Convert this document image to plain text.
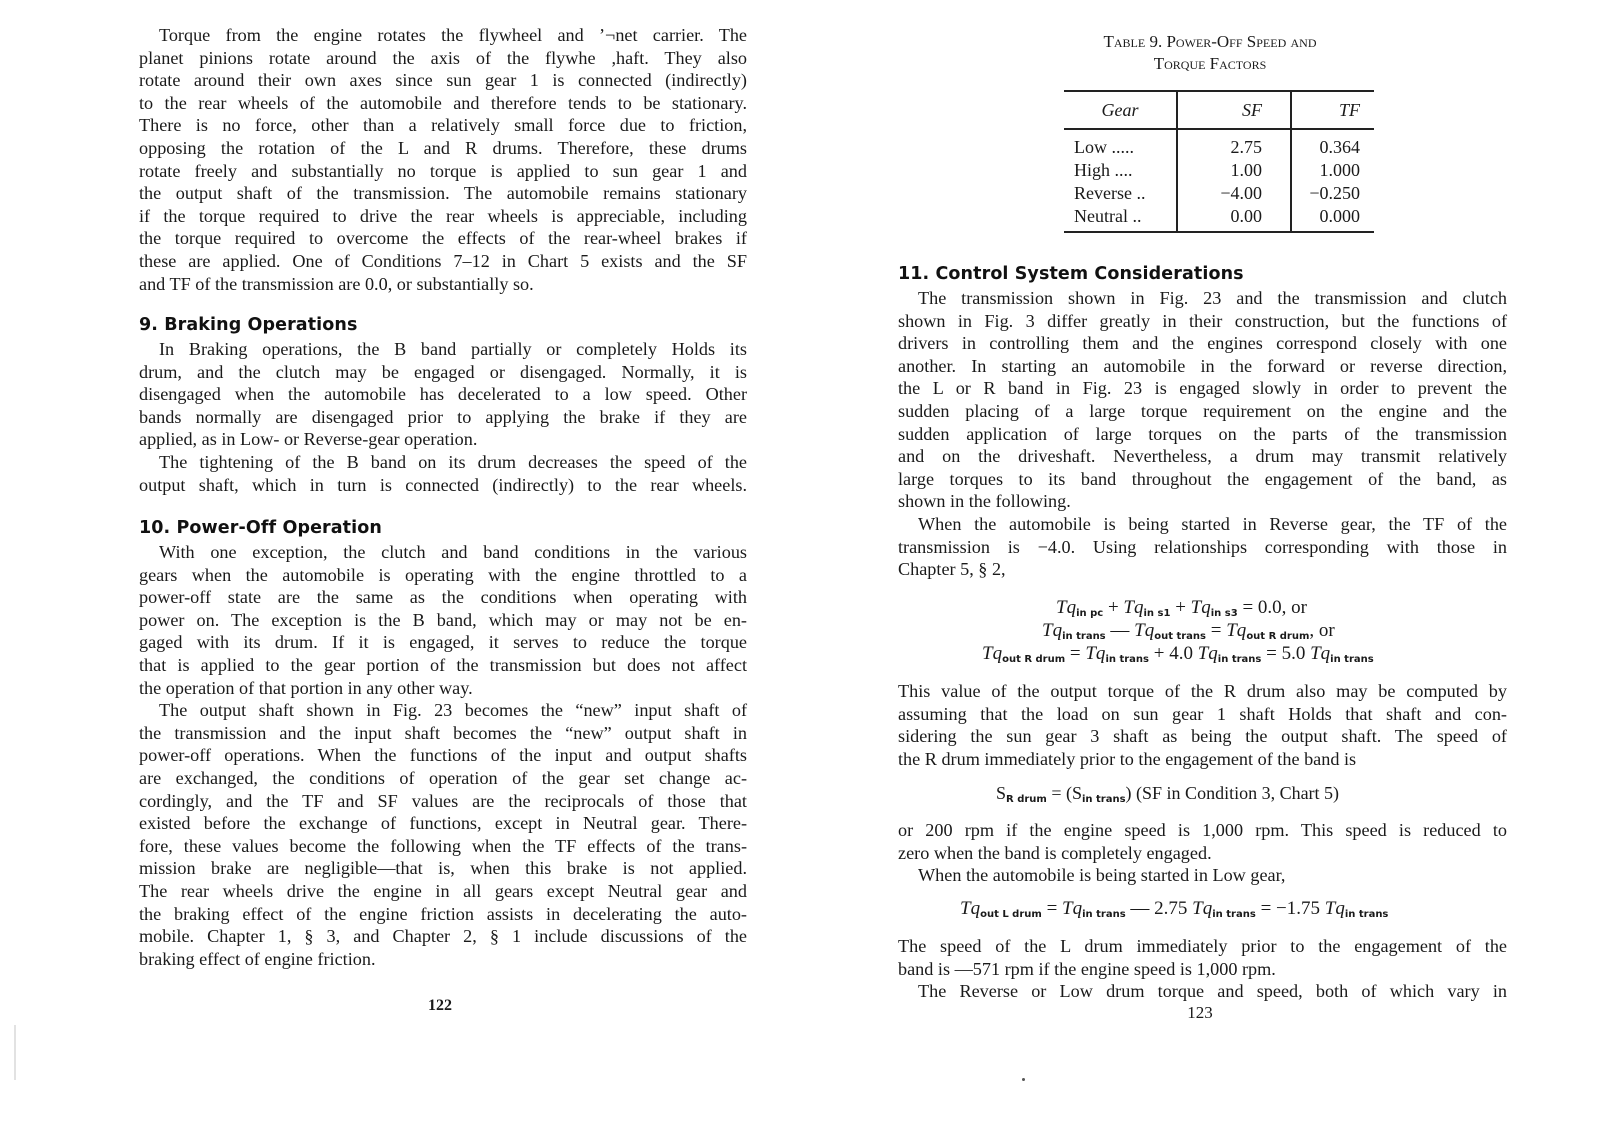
Torque from the engine rotates the flywheel and ’¬net carrier. The
planet pinions rotate around the axis of the flywhe ,haft. They also
rotate around their own axes since sun gear 1 is connected (indirectly)
to the rear wheels of the automobile and therefore tends to be stationary.
There is no force, other than a relatively small force due to friction,
opposing the rotation of the L and R drums. Therefore, these drums
rotate freely and substantially no torque is applied to sun gear 1 and
the output shaft of the transmission. The automobile remains stationary
if the torque required to drive the rear wheels is appreciable, including
the torque required to overcome the effects of the rear-wheel brakes if
these are applied. One of Conditions 7–12 in Chart 5 exists and the SF
and TF of the transmission are 0.0, or substantially so.
9. Braking Operations
In Braking operations, the B band partially or completely Holds its
drum, and the clutch may be engaged or disengaged. Normally, it is
disengaged when the automobile has decelerated to a low speed. Other
bands normally are disengaged prior to applying the brake if they are
applied, as in Low- or Reverse-gear operation.
The tightening of the B band on its drum decreases the speed of the
output shaft, which in turn is connected (indirectly) to the rear wheels.
10. Power-Off Operation
With one exception, the clutch and band conditions in the various
gears when the automobile is operating with the engine throttled to a
power-off state are the same as the conditions when operating with
power on. The exception is the B band, which may or may not be en-
gaged with its drum. If it is engaged, it serves to reduce the torque
that is applied to the gear portion of the transmission but does not affect
the operation of that portion in any other way.
The output shaft shown in Fig. 23 becomes the “new” input shaft of
the transmission and the input shaft becomes the “new” output shaft in
power-off operations. When the functions of the input and output shafts
are exchanged, the conditions of operation of the gear set change ac-
cordingly, and the TF and SF values are the reciprocals of those that
existed before the exchange of functions, except in Neutral gear. There-
fore, these values become the following when the TF effects of the trans-
mission brake are negligible—that is, when this brake is not applied.
The rear wheels drive the engine in all gears except Neutral gear and
the braking effect of the engine friction assists in decelerating the auto-
mobile. Chapter 1, § 3, and Chapter 2, § 1 include discussions of the
braking effect of engine friction.
122
Table 9. Power-Off Speed and
Torque Factors
Gear	SF	TF
Low .....	2.75	0.364
High ....	1.00	1.000
Reverse ..	−4.00	−0.250
Neutral ..	0.00	0.000
11. Control System Considerations
The transmission shown in Fig. 23 and the transmission and clutch
shown in Fig. 3 differ greatly in their construction, but the functions of
drivers in controlling them and the engines correspond closely with one
another. In starting an automobile in the forward or reverse direction,
the L or R band in Fig. 23 is engaged slowly in order to prevent the
sudden placing of a large torque requirement on the engine and the
sudden application of large torques on the parts of the transmission
and on the driveshaft. Nevertheless, a drum may transmit relatively
large torques to its band throughout the engagement of the band, as
shown in the following.
When the automobile is being started in Reverse gear, the TF of the
transmission is −4.0. Using relationships corresponding with those in
Chapter 5, § 2,
$Tq_{in pc} + Tq_{in s1} + Tq_{in s3} = 0.0$, or
$Tq_{in trans}$ — $Tq_{out trans} = Tq_{out R drum}$, or
$Tq_{out R drum} = Tq_{in trans} + 4.0$ $Tq_{in trans} = 5.0$ $Tq_{in trans}$
This value of the output torque of the R drum also may be computed by
assuming that the load on sun gear 1 shaft Holds that shaft and con-
sidering the sun gear 3 shaft as being the output shaft. The speed of
the R drum immediately prior to the engagement of the band is
$S_{R drum} = (S_{in trans})$ (SF in Condition 3, Chart 5)
or 200 rpm if the engine speed is 1,000 rpm. This speed is reduced to
zero when the band is completely engaged.
When the automobile is being started in Low gear,
$Tq_{out L drum} = Tq_{in trans}$ — 2.75 $Tq_{in trans} = -1.75$ $Tq_{in trans}$
The speed of the L drum immediately prior to the engagement of the
band is —571 rpm if the engine speed is 1,000 rpm.
The Reverse or Low drum torque and speed, both of which vary in
123
